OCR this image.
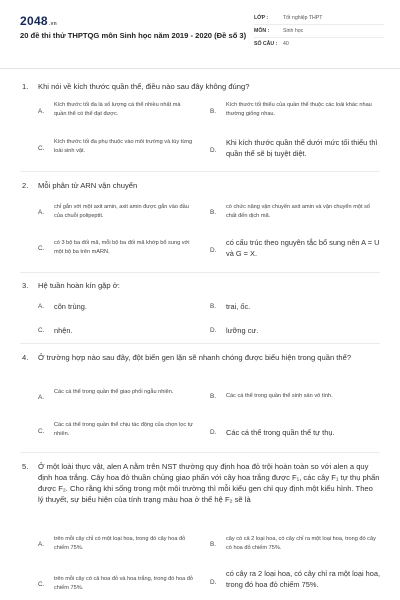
2048.vn
20 đề thi thử THPTQG môn Sinh học năm 2019 - 2020 (Đề số 3)
LỚP :	Tốt nghiệp THPT
MÔN :	Sinh học
SỐ CÂU :	40
1. Khi nói về kích thước quần thể, điều nào sau đây không đúng?
A.
Kích thước tối đa là số lượng cá thể nhiều nhất mà quần thể có thể đạt được.	B.
Kích thước tối thiểu của quần thể thuộc các loài khác nhau thường giống nhau.
C.
Kích thước tối đa phụ thuộc vào môi trường và tùy từng loài sinh vật.	D.
Khi kích thước quần thể dưới mức tối thiểu thì quần thể sẽ bị tuyệt diệt.
2. Mỗi phân tử ARN vận chuyển
A.
chỉ gắn với một axit amin, axit amin được gắn vào đầu của chuỗi polipeptit.	B.
có chức năng vận chuyển axit amin và vận chuyển một số chất đến dịch mã.
C.
có 3 bộ ba đối mã, mỗi bộ ba đối mã khớp bổ sung với một bộ ba trên mARN.	D.
có cấu trúc theo nguyên tắc bổ sung nên A = U và G = X.
3. Hệ tuần hoàn kín gặp ở:
A. côn trùng.	B. trai, ốc.
C. nhện.	D. lưỡng cư.
4. Ở trường hợp nào sau đây, đột biến gen lặn sẽ nhanh chóng được biểu hiện trong quần thể?
A.
Các cá thể trong quần thể giao phối ngẫu nhiên.
B. Các cá thể trong quần thể sinh sản vô tính.
C.
Các cá thể trong quần thể chịu tác động của chọn lọc tự nhiên.	D. Các cá thể trong quần thể tự thụ.
5. Ở một loài thực vật, alen A nằm trên NST thường quy định hoa đỏ trội hoàn toàn so với alen a quy định hoa trắng. Cây hoa đỏ thuần chủng giao phấn với cây hoa trắng được F₁, các cây F₁ tự thụ phấn được F₂. Cho rằng khi sống trong một môi trường thì mỗi kiểu gen chỉ quy định một kiểu hình. Theo lý thuyết, sự biểu hiện của tính trạng màu hoa ở thế hệ F₂ sẽ là
A.
trên mỗi cây chỉ có một loại hoa, trong đó cây hoa đỏ chiếm 75%.	B.
cây có cả 2 loại hoa, có cây chỉ ra một loại hoa, trong đó cây có hoa đỏ chiếm 75%.
C.
trên mỗi cây có cả hoa đỏ và hoa trắng, trong đó hoa đỏ chiếm 75%.
D.
có cây ra 2 loại hoa, có cây chỉ ra một loại hoa, trong đó hoa đỏ chiếm 75%.
